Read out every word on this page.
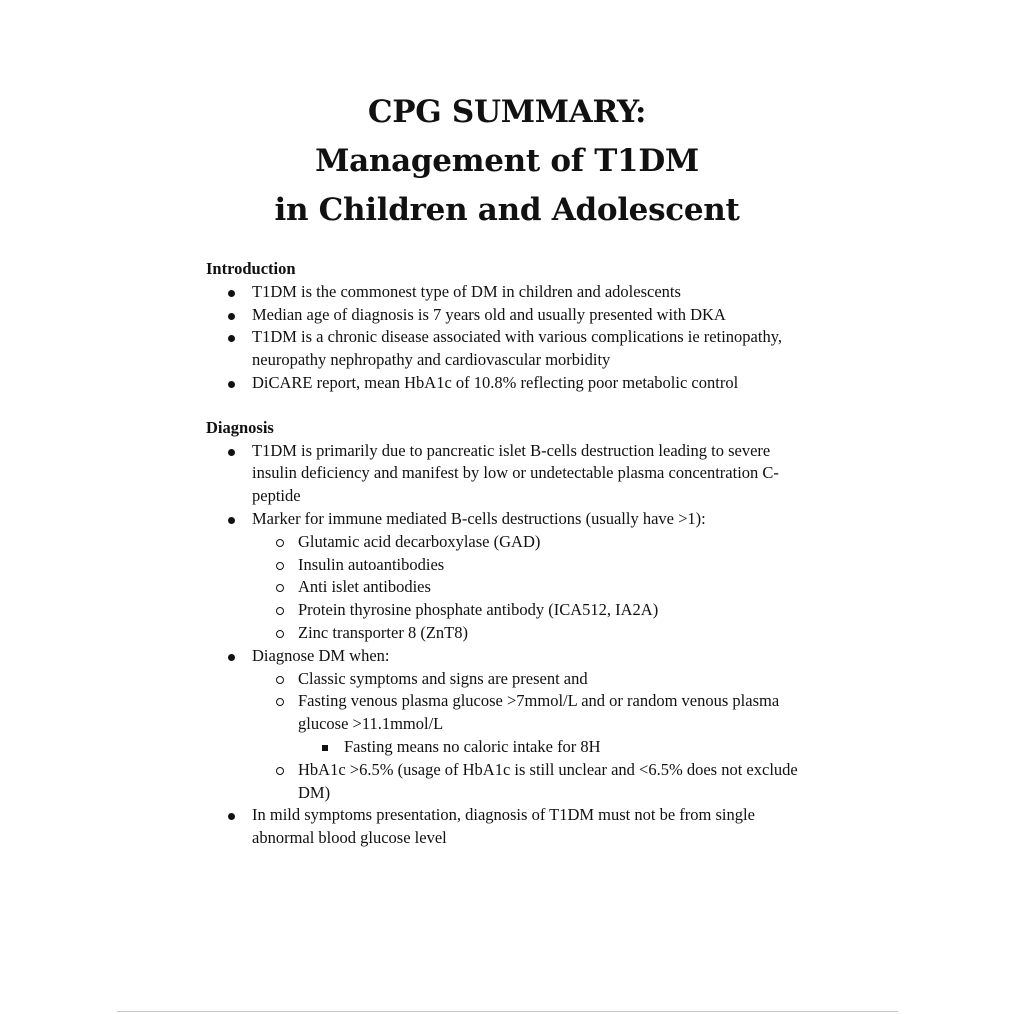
CPG SUMMARY:
Management of T1DM
in Children and Adolescent

Introduction

T1DM is the commonest type of DM in children and adolescents
Median age of diagnosis is 7 years old and usually presented with DKA
T1DM is a chronic disease associated with various complications ie retinopathy, neuropathy nephropathy and cardiovascular morbidity
DiCARE report, mean HbA1c of 10.8% reflecting poor metabolic control

Diagnosis

T1DM is primarily due to pancreatic islet B-cells destruction leading to severe insulin deficiency and manifest by low or undetectable plasma concentration C-peptide
Marker for immune mediated B-cells destructions (usually have >1):
Glutamic acid decarboxylase (GAD)
Insulin autoantibodies
Anti islet antibodies
Protein thyrosine phosphate antibody (ICA512, IA2A)
Zinc transporter 8 (ZnT8)
Diagnose DM when:
Classic symptoms and signs are present and
Fasting venous plasma glucose >7mmol/L and or random venous plasma glucose >11.1mmol/L
Fasting means no caloric intake for 8H
HbA1c >6.5% (usage of HbA1c is still unclear and <6.5% does not exclude DM)
In mild symptoms presentation, diagnosis of T1DM must not be from single abnormal blood glucose level
